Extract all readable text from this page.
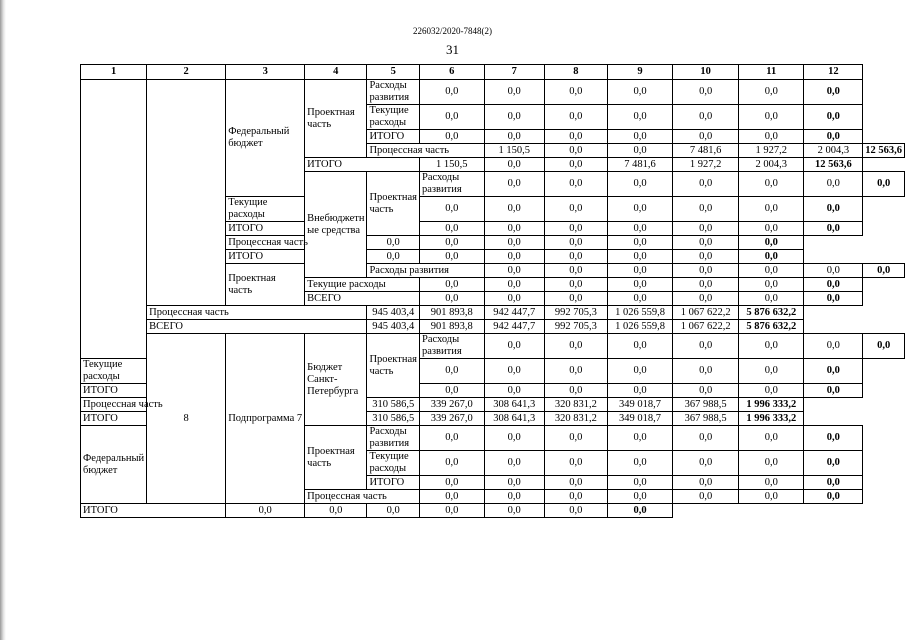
226032/2020-7848(2)
31
1	2	3	4	5	6	7	8	9	10	11	12	
		Федеральный бюджет	Проектная часть	Расходы развития	0,0	0,0	0,0	0,0	0,0	0,0	0,0	
				Текущие расходы	0,0	0,0	0,0	0,0	0,0	0,0	0,0	
				ИТОГО	0,0	0,0	0,0	0,0	0,0	0,0	0,0	
				Процессная часть		1 150,5	0,0	0,0	7 481,6	1 927,2	2 004,3	12 563,6
			ИТОГО		1 150,5	0,0	0,0	7 481,6	1 927,2	2 004,3	12 563,6	
			Внебюджетн ые средства	Проектная часть	Расходы развития	0,0	0,0	0,0	0,0	0,0	0,0	0,0
		Текущие расходы			0,0	0,0	0,0	0,0	0,0	0,0	0,0	
		ИТОГО			0,0	0,0	0,0	0,0	0,0	0,0	0,0	
		Процессная часть		0,0	0,0	0,0	0,0	0,0	0,0	0,0		
		ИТОГО		0,0	0,0	0,0	0,0	0,0	0,0	0,0		
		Проектная часть		Расходы развития		0,0	0,0	0,0	0,0	0,0	0,0	0,0
			Текущие расходы		0,0	0,0	0,0	0,0	0,0	0,0	0,0	
			ВСЕГО		0,0	0,0	0,0	0,0	0,0	0,0	0,0	
	Процессная часть			945 403,4	901 893,8	942 447,7	992 705,3	1 026 559,8	1 067 622,2	5 876 632,2		
	ВСЕГО			945 403,4	901 893,8	942 447,7	992 705,3	1 026 559,8	1 067 622,2	5 876 632,2		
	8	Подпрограмма 7	Бюджет Санкт-Петербурга	Проектная часть	Расходы развития	0,0	0,0	0,0	0,0	0,0	0,0	0,0
Текущие расходы					0,0	0,0	0,0	0,0	0,0	0,0	0,0	
ИТОГО					0,0	0,0	0,0	0,0	0,0	0,0	0,0	
Процессная часть				310 586,5	339 267,0	308 641,3	320 831,2	349 018,7	367 988,5	1 996 333,2		
ИТОГО				310 586,5	339 267,0	308 641,3	320 831,2	349 018,7	367 988,5	1 996 333,2		
Федеральный бюджет			Проектная часть	Расходы развития	0,0	0,0	0,0	0,0	0,0	0,0	0,0	
				Текущие расходы	0,0	0,0	0,0	0,0	0,0	0,0	0,0	
				ИТОГО	0,0	0,0	0,0	0,0	0,0	0,0	0,0	
			Процессная часть		0,0	0,0	0,0	0,0	0,0	0,0	0,0	
ИТОГО		0,0	0,0	0,0	0,0	0,0	0,0	0,0				
